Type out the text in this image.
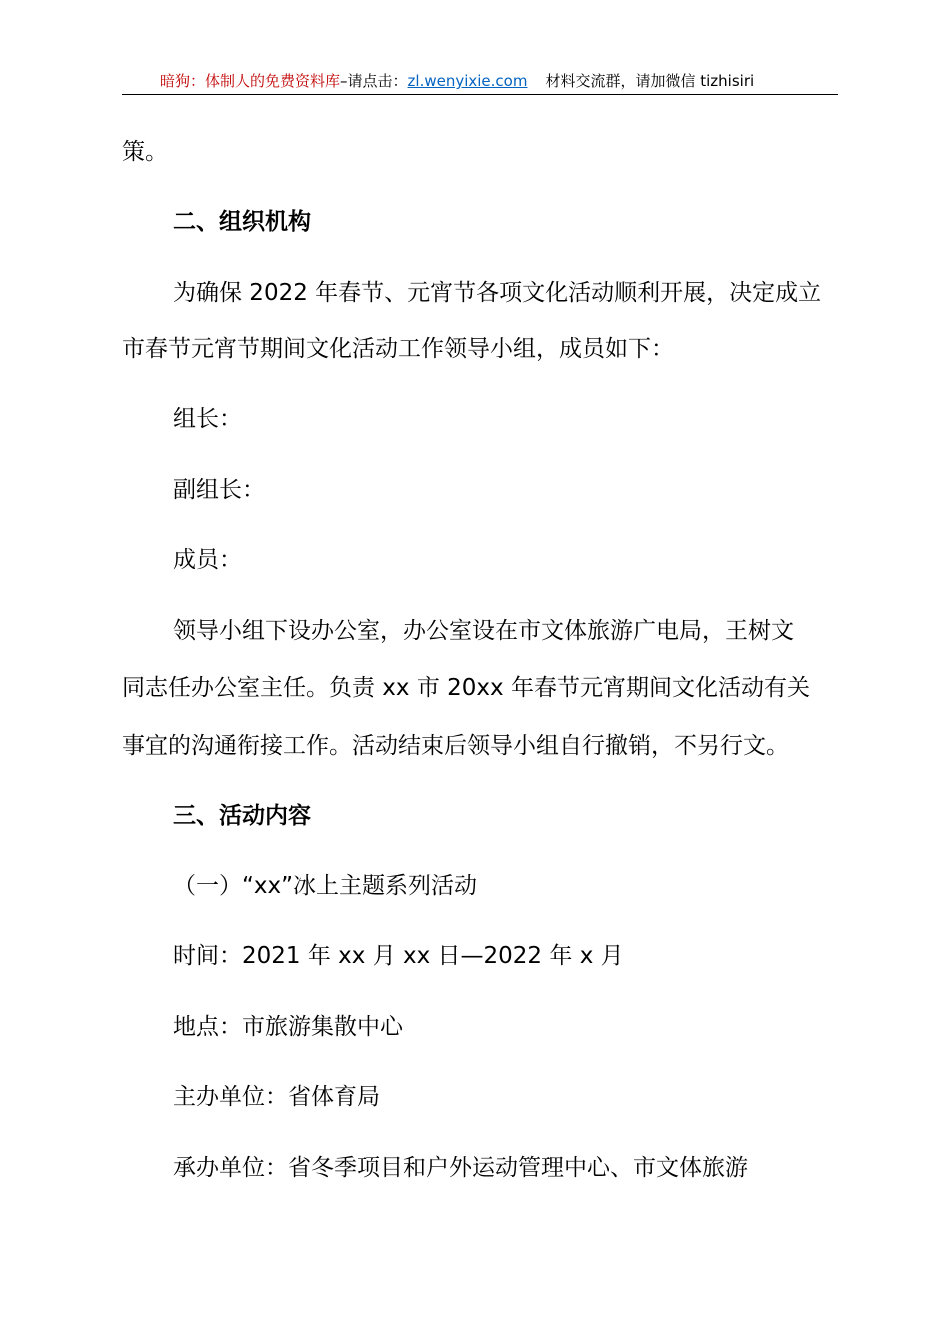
暗狗：体制人的免费资料库–请点击：zl.wenyixie.com 材料交流群，请加微信 tizhisiri
策。
二、组织机构
为确保 2022 年春节、元宵节各项文化活动顺利开展，决定成立
市春节元宵节期间文化活动工作领导小组，成员如下：
组长：
副组长：
成员：
领导小组下设办公室，办公室设在市文体旅游广电局，王树文
同志任办公室主任。负责 xx 市 20xx 年春节元宵期间文化活动有关
事宜的沟通衔接工作。活动结束后领导小组自行撤销，不另行文。
三、活动内容
（一）“xx”冰上主题系列活动
时间：2021 年 xx 月 xx 日—2022 年 x 月
地点：市旅游集散中心
主办单位：省体育局
承办单位：省冬季项目和户外运动管理中心、市文体旅游
